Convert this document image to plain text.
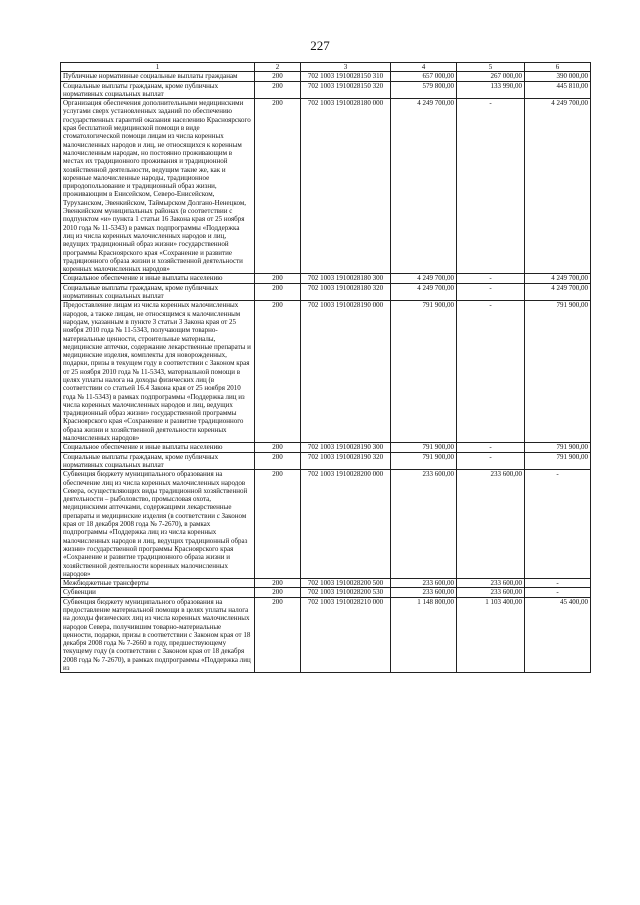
227
1	2	3	4	5	6
Публичные нормативные социальные выплаты гражданам	200	702 1003 1910028150 310	657 000,00	267 000,00	390 000,00
Социальные выплаты гражданам, кроме публичных нормативных социальных выплат	200	702 1003 1910028150 320	579 800,00	133 990,00	445 810,00
Организация обеспечения дополнительными медицинскими услугами сверх установленных заданий по обеспечению государственных гарантий оказания населению Красноярского края бесплатной медицинской помощи в виде стоматологической помощи лицам из числа коренных малочисленных народов и лиц, не относящихся к коренным малочисленным народам, но постоянно проживающим в местах их традиционного проживания и традиционной хозяйственной деятельности, ведущим такие же, как и коренные малочисленные народы, традиционное природопользование и традиционный образ жизни, проживающим в Енисейском, Северо-Енисейском, Туруханском, Эвенкийском, Таймырском Долгано-Ненецком, Эвенкийском муниципальных районах (в соответствии с подпунктом «и» пункта 1 статьи 16 Закона края от 25 ноября 2010 года № 11-5343) в рамках подпрограммы «Поддержка лиц из числа коренных малочисленных народов и лиц, ведущих традиционный образ жизни» государственной программы Красноярского края «Сохранение и развитие традиционного образа жизни и хозяйственной деятельности коренных малочисленных народов»	200	702 1003 1910028180 000	4 249 700,00	-	4 249 700,00
Социальное обеспечение и иные выплаты населению	200	702 1003 1910028180 300	4 249 700,00	-	4 249 700,00
Социальные выплаты гражданам, кроме публичных нормативных социальных выплат	200	702 1003 1910028180 320	4 249 700,00	-	4 249 700,00
Предоставление лицам из числа коренных малочисленных народов, а также лицам, не относящимся к малочисленным народам, указанным в пункте 3 статьи 3 Закона края от 25 ноября 2010 года № 11-5343, получающим товарно-материальные ценности, строительные материалы, медицинские аптечки, содержание лекарственные препараты и медицинские изделия, комплекты для новорожденных, подарки, призы в текущем году в соответствии с Законом края от 25 ноября 2010 года № 11-5343, материальной помощи в целях уплаты налога на доходы физических лиц (в соответствии со статьей 16.4 Закона края от 25 ноября 2010 года № 11-5343) в рамках подпрограммы «Поддержка лиц из числа коренных малочисленных народов и лиц, ведущих традиционный образ жизни» государственной программы Красноярского края «Сохранение и развитие традиционного образа жизни и хозяйственной деятельности коренных малочисленных народов»	200	702 1003 1910028190 000	791 900,00	-	791 900,00
Социальное обеспечение и иные выплаты населению	200	702 1003 1910028190 300	791 900,00	-	791 900,00
Социальные выплаты гражданам, кроме публичных нормативных социальных выплат	200	702 1003 1910028190 320	791 900,00	-	791 900,00
Субвенция бюджету муниципального образования на обеспечение лиц из числа коренных малочисленных народов Севера, осуществляющих виды традиционной хозяйственной деятельности – рыболовство, промысловая охота, медицинскими аптечками, содержащими лекарственные препараты и медицинские изделия (в соответствии с Законом края от 18 декабря 2008 года № 7-2670), в рамках подпрограммы «Поддержка лиц из числа коренных малочисленных народов и лиц, ведущих традиционный образ жизни» государственной программы Красноярского края «Сохранение и развитие традиционного образа жизни и хозяйственной деятельности коренных малочисленных народов»	200	702 1003 1910028200 000	233 600,00	233 600,00	-
Межбюджетные трансферты	200	702 1003 1910028200 500	233 600,00	233 600,00	-
Субвенции	200	702 1003 1910028200 530	233 600,00	233 600,00	-
Субвенция бюджету муниципального образования на предоставление материальной помощи в целях уплаты налога на доходы физических лиц из числа коренных малочисленных народов Севера, получившим товарно-материальные ценности, подарки, призы в соответствии с Законом края от 18 декабря 2008 года № 7-2660 в году, предшествующему текущему году (в соответствии с Законом края от 18 декабря 2008 года № 7-2670), в рамках подпрограммы «Поддержка лиц из	200	702 1003 1910028210 000	1 148 800,00	1 103 400,00	45 400,00
